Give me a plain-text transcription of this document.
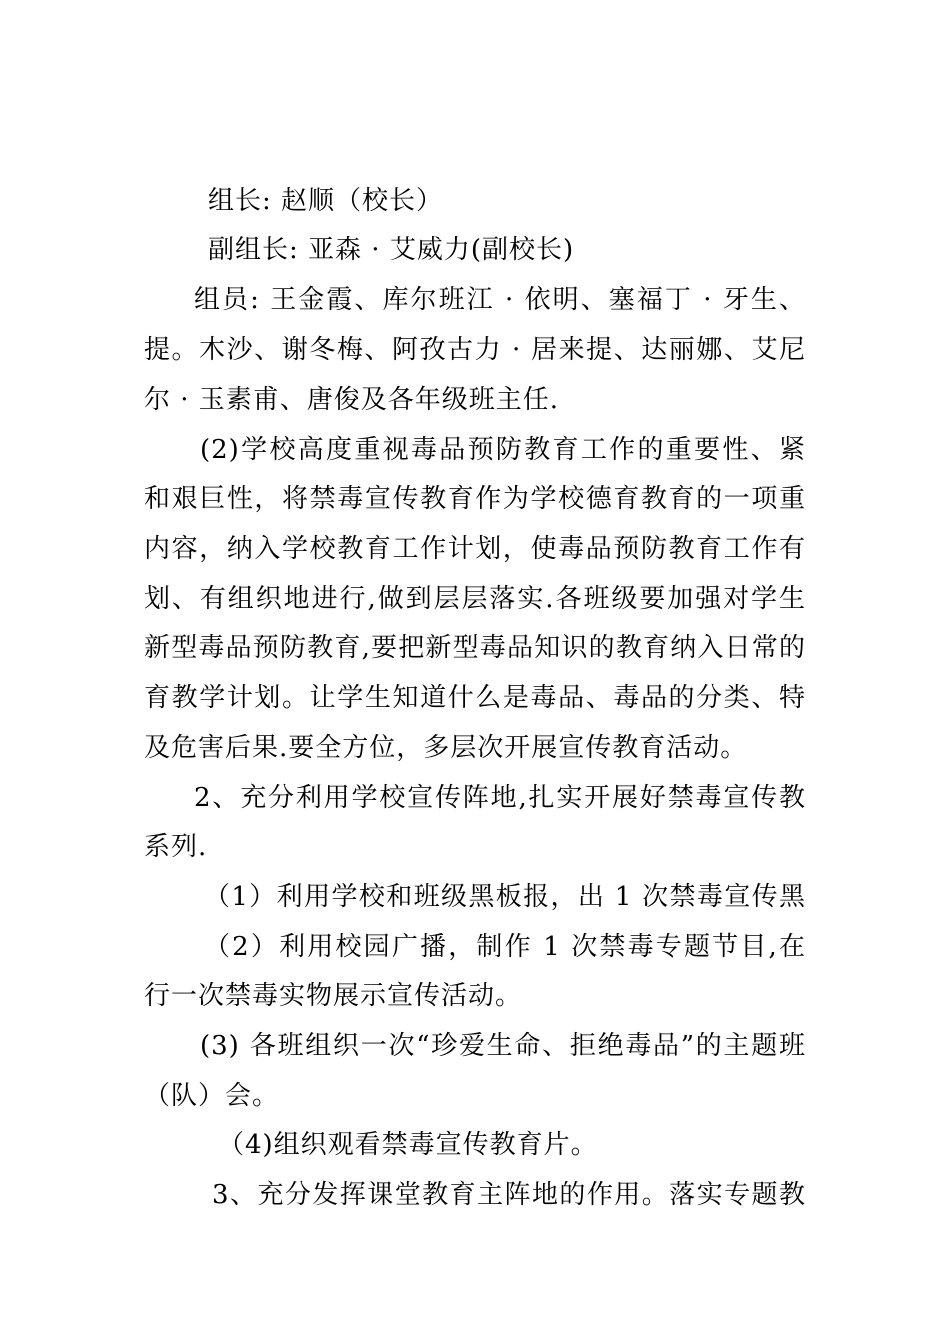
组长: 赵顺（校长）
副组长: 亚森 · 艾威力(副校长)
组员: 王金霞、库尔班江 · 依明、塞福丁 · 牙生、
提。木沙、谢冬梅、阿孜古力 · 居来提、达丽娜、艾尼
尔 · 玉素甫、唐俊及各年级班主任.
(2)学校高度重视毒品预防教育工作的重要性、紧
和艰巨性，将禁毒宣传教育作为学校德育教育的一项重
内容，纳入学校教育工作计划，使毒品预防教育工作有
划、有组织地进行,做到层层落实.各班级要加强对学生
新型毒品预防教育,要把新型毒品知识的教育纳入日常的
育教学计划。让学生知道什么是毒品、毒品的分类、特
及危害后果.要全方位，多层次开展宣传教育活动。
2、充分利用学校宣传阵地,扎实开展好禁毒宣传教
系列.
（1）利用学校和班级黑板报，出 1 次禁毒宣传黑
（2）利用校园广播，制作 1 次禁毒专题节目,在
行一次禁毒实物展示宣传活动。
(3) 各班组织一次“珍爱生命、拒绝毒品”的主题班
（队）会。
（4)组织观看禁毒宣传教育片。
3、充分发挥课堂教育主阵地的作用。落实专题教
